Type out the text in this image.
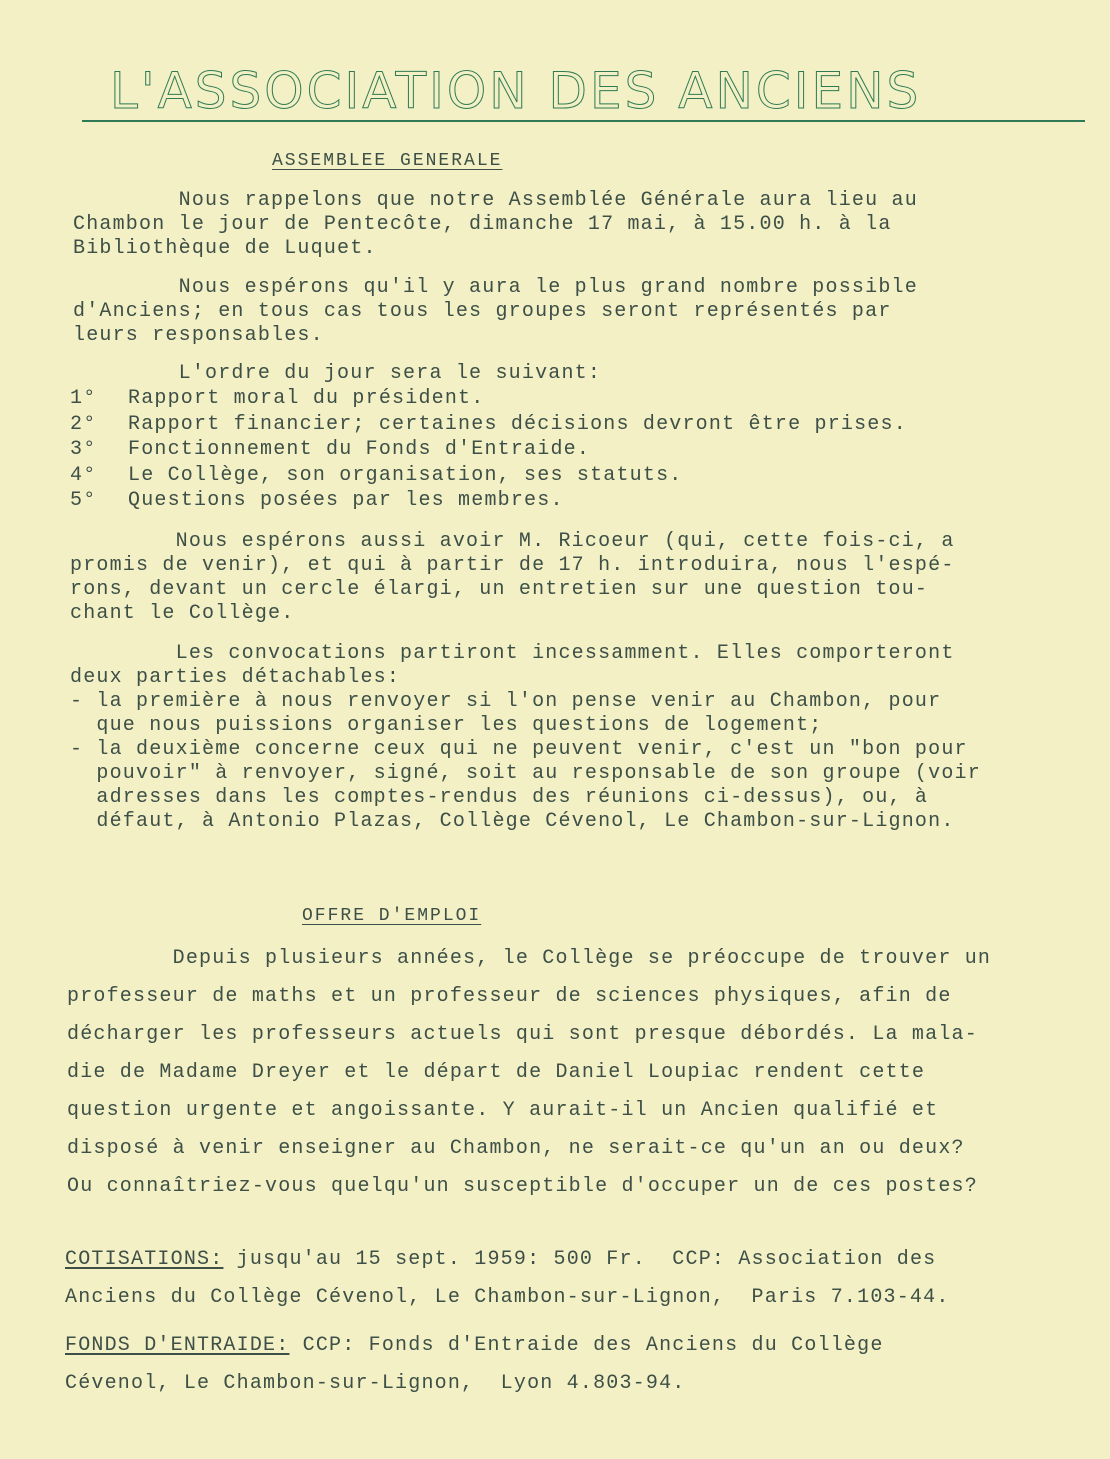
L'ASSOCIATION DES ANCIENS
ASSEMBLEE GENERALE

Nous rappelons que notre Assemblée Générale aura lieu au
Chambon le jour de Pentecôte, dimanche 17 mai, à 15.00 h. à la
Bibliothèque de Luquet.

Nous espérons qu'il y aura le plus grand nombre possible
d'Anciens; en tous cas tous les groupes seront représentés par
leurs responsables.

L'ordre du jour sera le suivant:

1° Rapport moral du président.
2° Rapport financier; certaines décisions devront être prises.
3° Fonctionnement du Fonds d'Entraide.
4° Le Collège, son organisation, ses statuts.
5° Questions posées par les membres.

Nous espérons aussi avoir M. Ricoeur (qui, cette fois-ci, a
promis de venir), et qui à partir de 17 h. introduira, nous l'espé-
rons, devant un cercle élargi, un entretien sur une question tou-
chant le Collège.

Les convocations partiront incessamment. Elles comporteront
deux parties détachables:

- la première à nous renvoyer si l'on pense venir au Chambon, pour
que nous puissions organiser les questions de logement;
- la deuxième concerne ceux qui ne peuvent venir, c'est un "bon pour
pouvoir" à renvoyer, signé, soit au responsable de son groupe (voir
adresses dans les comptes-rendus des réunions ci-dessus), ou, à
défaut, à Antonio Plazas, Collège Cévenol, Le Chambon-sur-Lignon.
OFFRE D'EMPLOI

Depuis plusieurs années, le Collège se préoccupe de trouver un
professeur de maths et un professeur de sciences physiques, afin de
décharger les professeurs actuels qui sont presque débordés. La mala-
die de Madame Dreyer et le départ de Daniel Loupiac rendent cette
question urgente et angoissante. Y aurait-il un Ancien qualifié et
disposé à venir enseigner au Chambon, ne serait-ce qu'un an ou deux?
Ou connaîtriez-vous quelqu'un susceptible d'occuper un de ces postes?

COTISATIONS: jusqu'au 15 sept. 1959: 500 Fr.  CCP: Association des
Anciens du Collège Cévenol, Le Chambon-sur-Lignon,  Paris 7.103-44.
FONDS D'ENTRAIDE: CCP: Fonds d'Entraide des Anciens du Collège
Cévenol, Le Chambon-sur-Lignon,  Lyon 4.803-94.
